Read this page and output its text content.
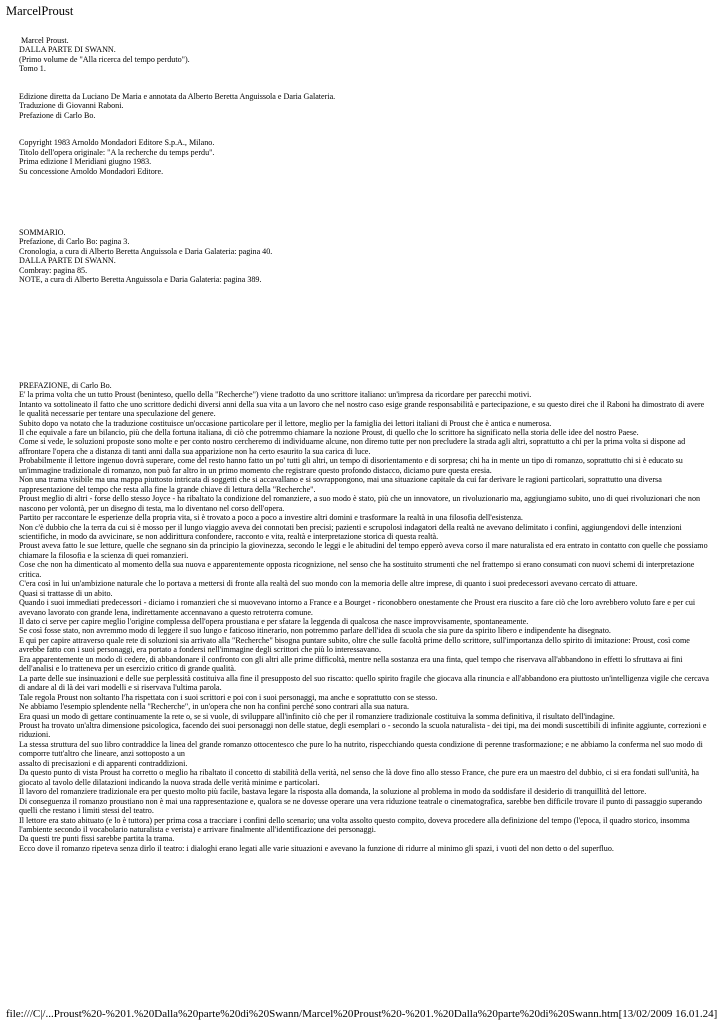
MarcelProust

Marcel Proust.

DALLA PARTE DI SWANN.

(Primo volume de "Alla ricerca del tempo perduto").

Tomo 1.

Edizione diretta da Luciano De Maria e annotata da Alberto Beretta Anguissola e Daria Galateria.

Traduzione di Giovanni Raboni.

Prefazione di Carlo Bo.

Copyright 1983 Arnoldo Mondadori Editore S.p.A., Milano.

Titolo dell'opera originale: "A la recherche du temps perdu".

Prima edizione I Meridiani giugno 1983.

Su concessione Arnoldo Mondadori Editore.

SOMMARIO.

Prefazione, di Carlo Bo: pagina 3.

Cronologia, a cura di Alberto Beretta Anguissola e Daria Galateria: pagina 40.

DALLA PARTE DI SWANN.

Combray: pagina 85.

NOTE, a cura di Alberto Beretta Anguissola e Daria Galateria: pagina 389.

PREFAZIONE, di Carlo Bo.

E' la prima volta che un tutto Proust (beninteso, quello della "Recherche") viene tradotto da uno scrittore italiano: un'impresa da ricordare per parecchi motivi.

Intanto va sottolineato il fatto che uno scrittore dedichi diversi anni della sua vita a un lavoro che nel nostro caso esige grande responsabilità e partecipazione, e su questo direi che il Raboni ha dimostrato di avere le qualità necessarie per tentare una speculazione del genere.

Subito dopo va notato che la traduzione costituisce un'occasione particolare per il lettore, meglio per la famiglia dei lettori italiani di Proust che è antica e numerosa.

Il che equivale a fare un bilancio, più che della fortuna italiana, di ciò che potremmo chiamare la nozione Proust, di quello che lo scrittore ha significato nella storia delle idee del nostro Paese.

Come si vede, le soluzioni proposte sono molte e per conto nostro cercheremo di individuarne alcune, non diremo tutte per non precludere la strada agli altri, soprattutto a chi per la prima volta si dispone ad affrontare l'opera che a distanza di tanti anni dalla sua apparizione non ha certo esaurito la sua carica di luce.

Probabilmente il lettore ingenuo dovrà superare, come del resto hanno fatto un po' tutti gli altri, un tempo di disorientamento e di sorpresa; chi ha in mente un tipo di romanzo, soprattutto chi si è educato su un'immagine tradizionale di romanzo, non può far altro in un primo momento che registrare questo profondo distacco, diciamo pure questa eresia.

Non una trama visibile ma una mappa piuttosto intricata di soggetti che si accavallano e si sovrappongono, mai una situazione capitale da cui far derivare le ragioni particolari, soprattutto una diversa rappresentazione del tempo che resta alla fine la grande chiave di lettura della "Recherche".

Proust meglio di altri - forse dello stesso Joyce - ha ribaltato la condizione del romanziere, a suo modo è stato, più che un innovatore, un rivoluzionario ma, aggiungiamo subito, uno di quei rivoluzionari che non nascono per volontà, per un disegno di testa, ma lo diventano nel corso dell'opera.

Partito per raccontare le esperienze della propria vita, si è trovato a poco a poco a investire altri domini e trasformare la realtà in una filosofia dell'esistenza.

Non c'è dubbio che la terra da cui si è mosso per il lungo viaggio aveva dei connotati ben precisi; pazienti e scrupolosi indagatori della realtà ne avevano delimitato i confini, aggiungendovi delle intenzioni scientifiche, in modo da avvicinare, se non addirittura confondere, racconto e vita, realtà e interpretazione storica di questa realtà.

Proust aveva fatto le sue letture, quelle che segnano sin da principio la giovinezza, secondo le leggi e le abitudini del tempo epperò aveva corso il mare naturalista ed era entrato in contatto con quelle che possiamo chiamare la filosofia e la scienza di quei romanzieri.

Cose che non ha dimenticato al momento della sua nuova e apparentemente opposta ricognizione, nel senso che ha sostituito strumenti che nel frattempo si erano consumati con nuovi schemi di interpretazione critica.

C'era così in lui un'ambizione naturale che lo portava a mettersi di fronte alla realtà del suo mondo con la memoria delle altre imprese, di quanto i suoi predecessori avevano cercato di attuare.

Quasi si trattasse di un abito.

Quando i suoi immediati predecessori - diciamo i romanzieri che si muovevano intorno a France e a Bourget - riconobbero onestamente che Proust era riuscito a fare ciò che loro avrebbero voluto fare e per cui avevano lavorato con grande lena, indirettamente accennavano a questo retroterra comune.

Il dato ci serve per capire meglio l'origine complessa dell'opera proustiana e per sfatare la leggenda di qualcosa che nasce improvvisamente, spontaneamente.

Se così fosse stato, non avremmo modo di leggere il suo lungo e faticoso itinerario, non potremmo parlare dell'idea di scuola che sia pure da spirito libero e indipendente ha disegnato.

E qui per capire attraverso quale rete di soluzioni sia arrivato alla "Recherche" bisogna puntare subito, oltre che sulle facoltà prime dello scrittore, sull'importanza dello spirito di imitazione: Proust, così come avrebbe fatto con i suoi personaggi, era portato a fondersi nell'immagine degli scrittori che più lo interessavano.

Era apparentemente un modo di cedere, di abbandonare il confronto con gli altri alle prime difficoltà, mentre nella sostanza era una finta, quel tempo che riservava all'abbandono in effetti lo sfruttava ai fini dell'analisi e lo tratteneva per un esercizio critico di grande qualità.

La parte delle sue insinuazioni e delle sue perplessità costituiva alla fine il presupposto del suo riscatto: quello spirito fragile che giocava alla rinuncia e all'abbandono era piuttosto un'intelligenza vigile che cercava di andare al di là dei vari modelli e si riservava l'ultima parola.

Tale regola Proust non soltanto l'ha rispettata con i suoi scrittori e poi con i suoi personaggi, ma anche e soprattutto con se stesso.

Ne abbiamo l'esempio splendente nella "Recherche", in un'opera che non ha confini perché sono contrari alla sua natura.

Era quasi un modo di gettare continuamente la rete o, se si vuole, di sviluppare all'infinito ciò che per il romanziere tradizionale costituiva la somma definitiva, il risultato dell'indagine.

Proust ha trovato un'altra dimensione psicologica, facendo dei suoi personaggi non delle statue, degli esemplari o - secondo la scuola naturalista - dei tipi, ma dei mondi suscettibili di infinite aggiunte, correzioni e riduzioni.

La stessa struttura del suo libro contraddice la linea del grande romanzo ottocentesco che pure lo ha nutrito, rispecchiando questa condizione di perenne trasformazione; e ne abbiamo la conferma nel suo modo di comporre tutt'altro che lineare, anzi sottoposto a un

assalto di precisazioni e di apparenti contraddizioni.

Da questo punto di vista Proust ha corretto o meglio ha ribaltato il concetto di stabilità della verità, nel senso che là dove fino allo stesso France, che pure era un maestro del dubbio, ci si era fondati sull'unità, ha giocato al tavolo delle dilatazioni indicando la nuova strada delle verità minime e particolari.

Il lavoro del romanziere tradizionale era per questo molto più facile, bastava legare la risposta alla domanda, la soluzione al problema in modo da soddisfare il desiderio di tranquillità del lettore.

Di conseguenza il romanzo proustiano non è mai una rappresentazione e, qualora se ne dovesse operare una vera riduzione teatrale o cinematografica, sarebbe ben difficile trovare il punto di passaggio superando quelli che restano i limiti stessi del teatro.

Il lettore era stato abituato (e lo è tuttora) per prima cosa a tracciare i confini dello scenario; una volta assolto questo compito, doveva procedere alla definizione del tempo (l'epoca, il quadro storico, insomma l'ambiente secondo il vocabolario naturalista e verista) e arrivare finalmente all'identificazione dei personaggi.

Da questi tre punti fissi sarebbe partita la trama.

Ecco dove il romanzo ripeteva senza dirlo il teatro: i dialoghi erano legati alle varie situazioni e avevano la funzione di ridurre al minimo gli spazi, i vuoti del non detto o del superfluo.

file:///C|/...Proust%20-%201.%20Dalla%20parte%20di%20Swann/Marcel%20Proust%20-%201.%20Dalla%20parte%20di%20Swann.htm[13/02/2009 16.01.24]
